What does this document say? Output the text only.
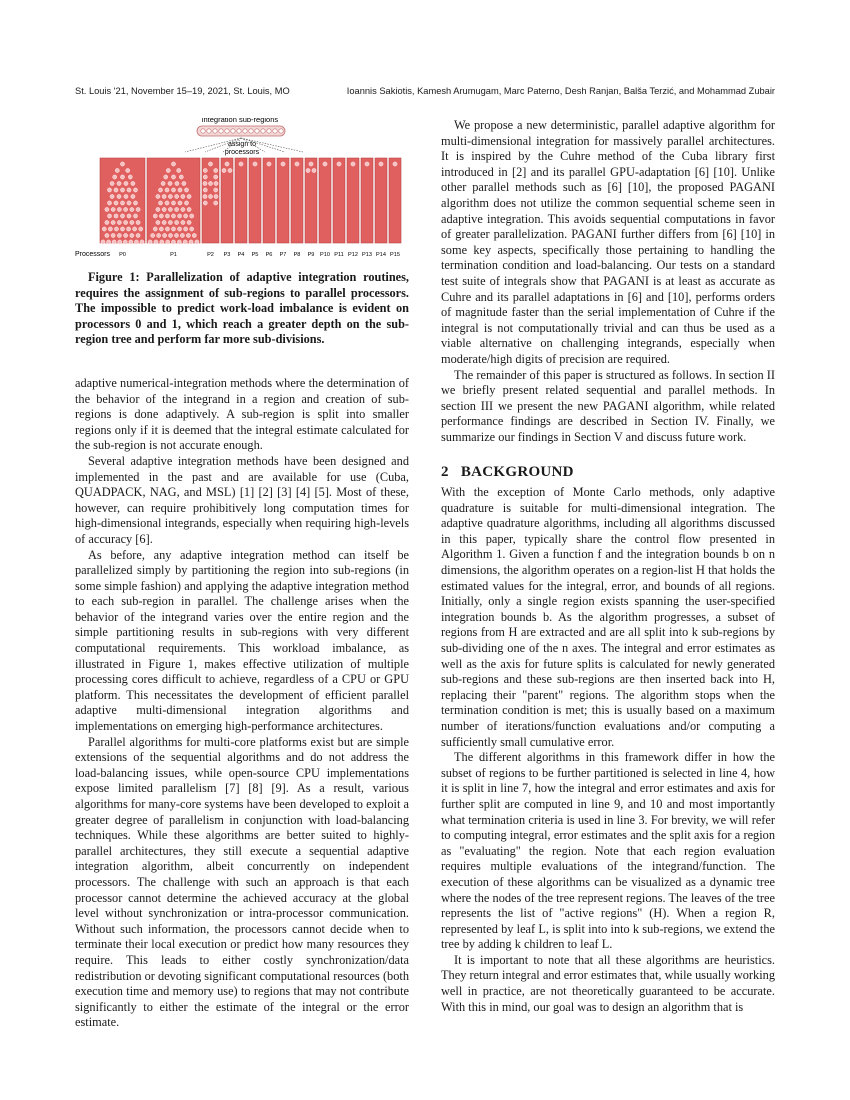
St. Louis '21, November 15–19, 2021, St. Louis, MO	Ioannis Sakiotis, Kamesh Arumugam, Marc Paterno, Desh Ranjan, Balša Terzić, and Mohammad Zubair
integration sub-regions
assign to
processors
Processors P0	P1	P2 P3 P4 P5 P6 P7 P8 P9 P10 P11 P12 P13 P14 P15

Figure 1: Parallelization of adaptive integration routines, requires the assignment of sub-regions to parallel processors. The impossible to predict work-load imbalance is evident on processors 0 and 1, which reach a greater depth on the sub-region tree and perform far more sub-divisions.

adaptive numerical-integration methods where the determination of the behavior of the integrand in a region and creation of sub-regions is done adaptively. A sub-region is split into smaller regions only if it is deemed that the integral estimate calculated for the sub-region is not accurate enough.

Several adaptive integration methods have been designed and implemented in the past and are available for use (Cuba, QUADPACK, NAG, and MSL) [1] [2] [3] [4] [5]. Most of these, however, can require prohibitively long computation times for high-dimensional integrands, especially when requiring high-levels of accuracy [6].

As before, any adaptive integration method can itself be parallelized simply by partitioning the region into sub-regions (in some simple fashion) and applying the adaptive integration method to each sub-region in parallel. The challenge arises when the behavior of the integrand varies over the entire region and the simple partitioning results in sub-regions with very different computational requirements. This workload imbalance, as illustrated in Figure 1, makes effective utilization of multiple processing cores difficult to achieve, regardless of a CPU or GPU platform. This necessitates the development of efficient parallel adaptive multi-dimensional integration algorithms and implementations on emerging high-performance architectures.

Parallel algorithms for multi-core platforms exist but are simple extensions of the sequential algorithms and do not address the load-balancing issues, while open-source CPU implementations expose limited parallelism [7] [8] [9]. As a result, various algorithms for many-core systems have been developed to exploit a greater degree of parallelism in conjunction with load-balancing techniques. While these algorithms are better suited to highly-parallel architectures, they still execute a sequential adaptive integration algorithm, albeit concurrently on independent processors. The challenge with such an approach is that each processor cannot determine the achieved accuracy at the global level without synchronization or intra-processor communication. Without such information, the processors cannot decide when to terminate their local execution or predict how many resources they require. This leads to either costly synchronization/data redistribution or devoting significant computational resources (both execution time and memory use) to regions that may not contribute significantly to either the estimate of the integral or the error estimate.

We propose a new deterministic, parallel adaptive algorithm for multi-dimensional integration for massively parallel architectures. It is inspired by the Cuhre method of the Cuba library first introduced in [2] and its parallel GPU-adaptation [6] [10]. Unlike other parallel methods such as [6] [10], the proposed PAGANI algorithm does not utilize the common sequential scheme seen in adaptive integration. This avoids sequential computations in favor of greater parallelization. PAGANI further differs from [6] [10] in some key aspects, specifically those pertaining to handling the termination condition and load-balancing. Our tests on a standard test suite of integrals show that PAGANI is at least as accurate as Cuhre and its parallel adaptations in [6] and [10], performs orders of magnitude faster than the serial implementation of Cuhre if the integral is not computationally trivial and can thus be used as a viable alternative on challenging integrands, especially when moderate/high digits of precision are required.

The remainder of this paper is structured as follows. In section II we briefly present related sequential and parallel methods. In section III we present the new PAGANI algorithm, while related performance findings are described in Section IV. Finally, we summarize our findings in Section V and discuss future work.

2 BACKGROUND

With the exception of Monte Carlo methods, only adaptive quadrature is suitable for multi-dimensional integration. The adaptive quadrature algorithms, including all algorithms discussed in this paper, typically share the control flow presented in Algorithm 1. Given a function f and the integration bounds b on n dimensions, the algorithm operates on a region-list H that holds the estimated values for the integral, error, and bounds of all regions. Initially, only a single region exists spanning the user-specified integration bounds b. As the algorithm progresses, a subset of regions from H are extracted and are all split into k sub-regions by sub-dividing one of the n axes. The integral and error estimates as well as the axis for future splits is calculated for newly generated sub-regions and these sub-regions are then inserted back into H, replacing their "parent" regions. The algorithm stops when the termination condition is met; this is usually based on a maximum number of iterations/function evaluations and/or computing a sufficiently small cumulative error.

The different algorithms in this framework differ in how the subset of regions to be further partitioned is selected in line 4, how it is split in line 7, how the integral and error estimates and axis for further split are computed in line 9, and 10 and most importantly what termination criteria is used in line 3. For brevity, we will refer to computing integral, error estimates and the split axis for a region as "evaluating" the region. Note that each region evaluation requires multiple evaluations of the integrand/function. The execution of these algorithms can be visualized as a dynamic tree where the nodes of the tree represent regions. The leaves of the tree represents the list of "active regions" (H). When a region R, represented by leaf L, is split into into k sub-regions, we extend the tree by adding k children to leaf L.

It is important to note that all these algorithms are heuristics. They return integral and error estimates that, while usually working well in practice, are not theoretically guaranteed to be accurate. With this in mind, our goal was to design an algorithm that is
